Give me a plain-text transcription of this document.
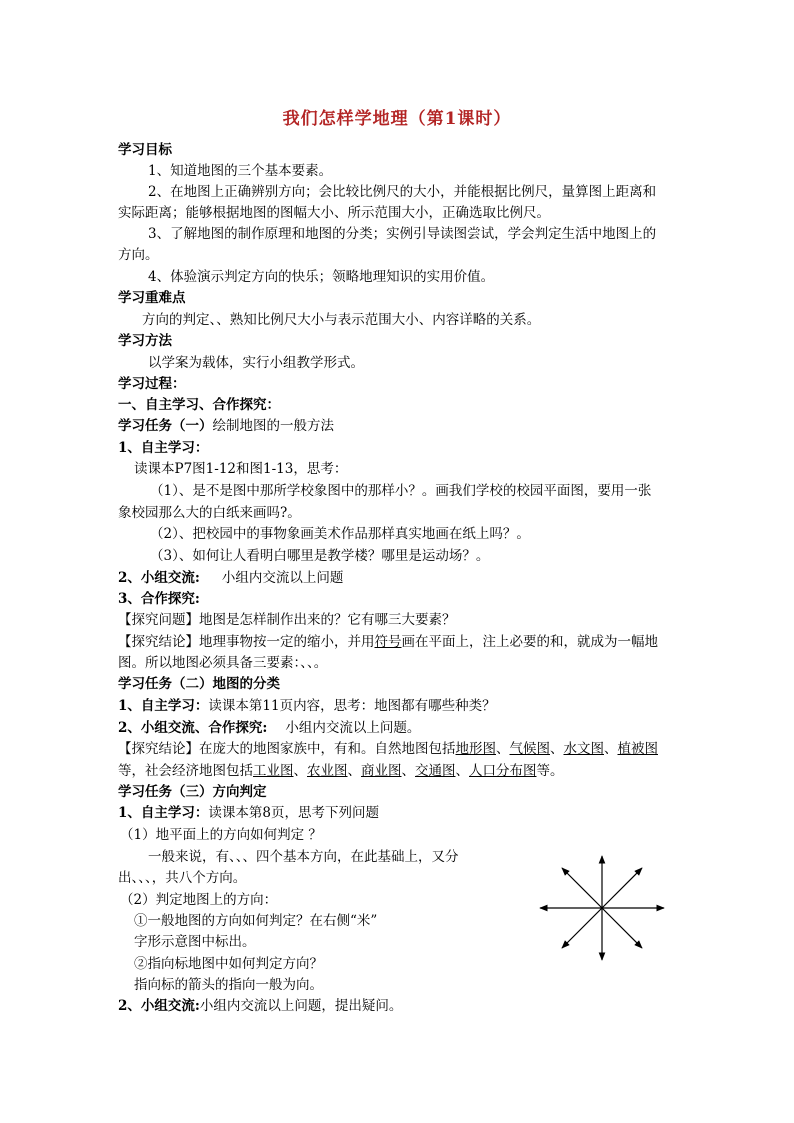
我们怎样学地理（第1课时）
学习目标
1、知道地图的三个基本要素。
2、在地图上正确辨别方向；会比较比例尺的大小，并能根据比例尺，量算图上距离和
实际距离；能够根据地图的图幅大小、所示范围大小，正确选取比例尺。
3、了解地图的制作原理和地图的分类；实例引导读图尝试，学会判定生活中地图上的
方向。
4、体验演示判定方向的快乐；领略地理知识的实用价值。
学习重难点
方向的判定、、熟知比例尺大小与表示范围大小、内容详略的关系。
学习方法
以学案为载体，实行小组教学形式。
学习过程：
一、自主学习、合作探究：
学习任务（一）绘制地图的一般方法
1、自主学习：
读课本P7图1-12和图1-13，思考：
（1）、是不是图中那所学校象图中的那样小？。画我们学校的校园平面图，要用一张
象校园那么大的白纸来画吗?。
（2）、把校园中的事物象画美术作品那样真实地画在纸上吗？。
（3）、如何让人看明白哪里是教学楼？哪里是运动场？。
2、小组交流: 小组内交流以上问题
3、合作探究:
【探究问题】地图是怎样制作出来的？它有哪三大要素？
【探究结论】地理事物按一定的缩小，并用符号画在平面上，注上必要的和，就成为一幅地
图。所以地图必须具备三要素：、、。
学习任务（二）地图的分类
1、自主学习：读课本第11页内容，思考：地图都有哪些种类？
2、小组交流、合作探究: 小组内交流以上问题。
【探究结论】在庞大的地图家族中，有和。自然地图包括地形图、气候图、水文图、植被图
等，社会经济地图包括工业图、农业图、商业图、交通图、人口分布图等。
学习任务（三）方向判定
1、自主学习：读课本第8页，思考下列问题
（1）地平面上的方向如何判定 ？
一般来说，有、、、四个基本方向，在此基础上，又分
出、、、，共八个方向。
（2）判定地图上的方向：
①一般地图的方向如何判定？在右侧“米”
字形示意图中标出。
②指向标地图中如何判定方向？
指向标的箭头的指向一般为向。
2、小组交流:小组内交流以上问题，提出疑问。
